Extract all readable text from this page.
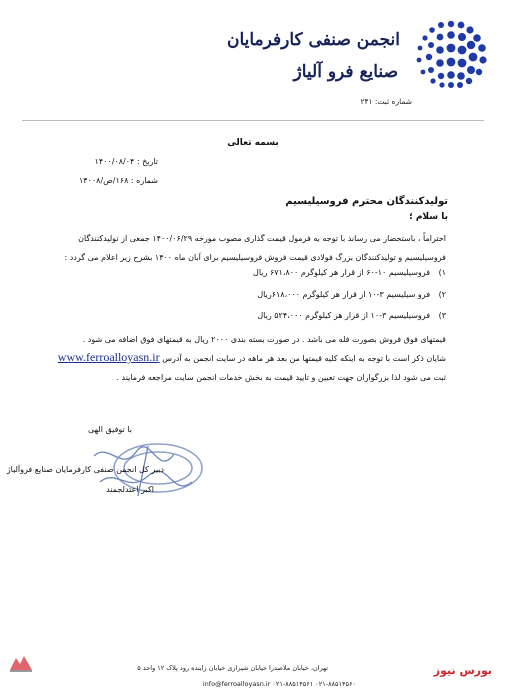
انجمن صنفی کارفرمایان
صنایع فرو آلیاژ
شماره ثبت: ۲۴۱
بسمه تعالی
تاریخ : ۱۴۰۰/۰۸/۰۴
شماره : ۱۶۸/ص/۱۴۰۰۸
تولیدکنندگان محترم فروسیلیسیم
با سلام ؛
احتراماً ، باستحضار می رساند با توجه به فرمول قیمت گذاری مصوب مورخه ۱۴۰۰/۰۶/۲۹ جمعی از تولیدکنندگان
فروسیلیسیم و تولیدکنندگان بزرگ فولادی قیمت فروش فروسیلیسیم برای آبان ماه ۱۴۰۰ بشرح زیر اعلام می گردد :
۱) فروسیلیسیم ۱۰-۶۰ از قرار هر کیلوگرم ۶۷۱،۸۰۰ ریال
۲) فرو سیلیسیم ۳-۱۰ از قرار هر کیلوگرم ۶۱۸،۰۰۰ریال
۳) فروسیلیسیم ۳-۱۰ از قرار هر کیلوگرم ۵۲۴،۰۰۰ ریال
قیمتهای فوق فروش بصورت فله می باشد . در صورت بسته بندی ۲۰۰۰ ریال به قیمتهای فوق اضافه می شود .
شایان ذکر است با توجه به اینکه کلیه قیمتها من بعد هر ماهه در سایت انجمن به آدرس www.ferroalloyasn.ir
ثبت می شود لذا بزرگواران جهت تعیین و تایید قیمت به بخش خدمات انجمن سایت مراجعه فرمایند .
با توفیق الهی
دبیر کل انجمن صنفی کارفرمایان صنایع فروآلیاژ
اکبر اعتدلجمند
تهران، خیابان ملاصدرا خیابان شیرازی خیابان زاینده رود پلاک ۱۲ واحد ۵
info@ferroalloyasn.ir ۰۲۱-۸۸۵۱۴۵۶۱ ۰۲۱-۸۸۵۱۴۵۶۰
بورس نیوز
